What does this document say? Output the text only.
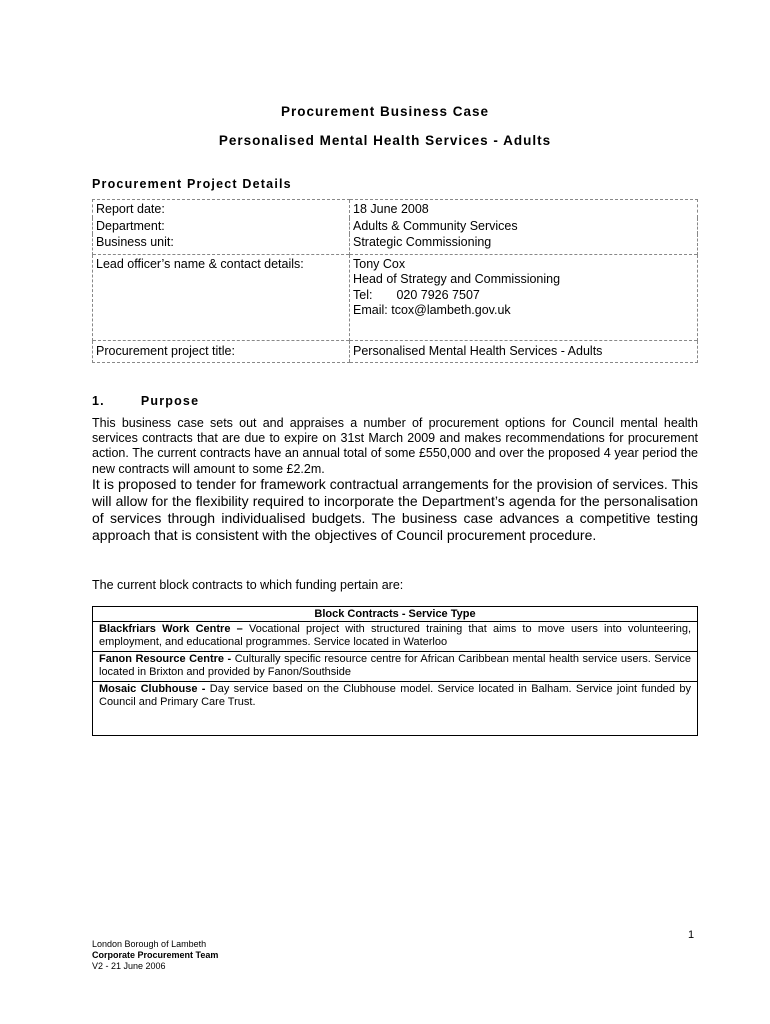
Procurement Business Case
Personalised Mental Health Services - Adults
Procurement Project Details
Report date:	18 June 2008
Department:	Adults & Community Services
Business unit:	Strategic Commissioning
Lead officer’s name & contact details:	Tony Cox
Head of Strategy and Commissioning
Tel: 020 7926 7507
Email: tcox@lambeth.gov.uk

Procurement project title:	Personalised Mental Health Services - Adults
1.	Purpose

This business case sets out and appraises a number of procurement options for Council mental health services contracts that are due to expire on 31st March 2009 and makes recommendations for procurement action. The current contracts have an annual total of some £550,000 and over the proposed 4 year period the new contracts will amount to some £2.2m.

It is proposed to tender for framework contractual arrangements for the provision of services. This will allow for the flexibility required to incorporate the Department’s agenda for the personalisation of services through individualised budgets. The business case advances a competitive testing approach that is consistent with the objectives of Council procurement procedure.

The current block contracts to which funding pertain are:

Block Contracts - Service Type
Blackfriars Work Centre – Vocational project with structured training that aims to move users into volunteering, employment, and educational programmes. Service located in Waterloo
Fanon Resource Centre - Culturally specific resource centre for African Caribbean mental health service users. Service located in Brixton and provided by Fanon/Southside
Mosaic Clubhouse - Day service based on the Clubhouse model. Service located in Balham. Service joint funded by Council and Primary Care Trust.
1
London Borough of Lambeth
Corporate Procurement Team
V2 - 21 June 2006
